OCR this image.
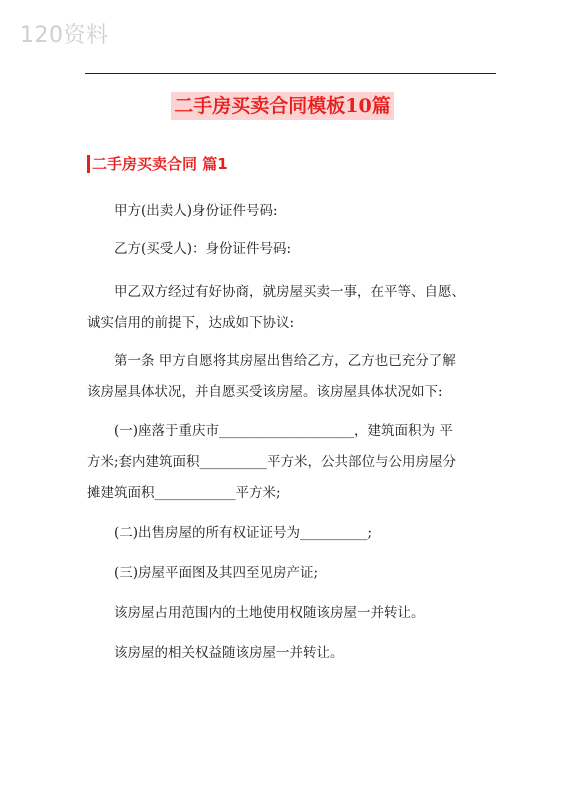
120资料
二手房买卖合同模板10篇
二手房买卖合同 篇1

甲方(出卖人)身份证件号码:

乙方(买受人)：身份证件号码:

甲乙双方经过有好协商，就房屋买卖一事，在平等、自愿、
诚实信用的前提下，达成如下协议:

第一条 甲方自愿将其房屋出售给乙方，乙方也已充分了解
该房屋具体状况，并自愿买受该房屋。该房屋具体状况如下:

(一)座落于重庆市____________________，建筑面积为 平
方米;套内建筑面积__________平方米，公共部位与公用房屋分
摊建筑面积____________平方米;

(二)出售房屋的所有权证证号为__________;

(三)房屋平面图及其四至见房产证;

该房屋占用范围内的土地使用权随该房屋一并转让。

该房屋的相关权益随该房屋一并转让。
